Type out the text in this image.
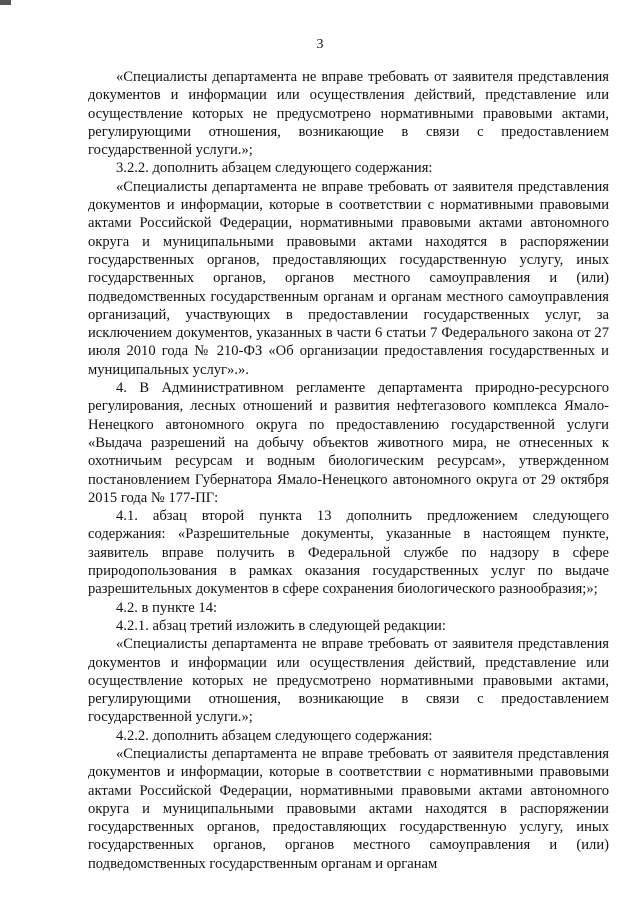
3

«Специалисты департамента не вправе требовать от заявителя представления документов и информации или осуществления действий, представление или осуществление которых не предусмотрено нормативными правовыми актами, регулирующими отношения, возникающие в связи с предоставлением государственной услуги.»;

3.2.2. дополнить абзацем следующего содержания:

«Специалисты департамента не вправе требовать от заявителя представления документов и информации, которые в соответствии с нормативными правовыми актами Российской Федерации, нормативными правовыми актами автономного округа и муниципальными правовыми актами находятся в распоряжении государственных органов, предоставляющих государственную услугу, иных государственных органов, органов местного самоуправления и (или) подведомственных государственным органам и органам местного самоуправления организаций, участвующих в предоставлении государственных услуг, за исключением документов, указанных в части 6 статьи 7 Федерального закона от 27 июля 2010 года № 210-ФЗ «Об организации предоставления государственных и муниципальных услуг».».

4. В Административном регламенте департамента природно-ресурсного регулирования, лесных отношений и развития нефтегазового комплекса Ямало-Ненецкого автономного округа по предоставлению государственной услуги «Выдача разрешений на добычу объектов животного мира, не отнесенных к охотничьим ресурсам и водным биологическим ресурсам», утвержденном постановлением Губернатора Ямало-Ненецкого автономного округа от 29 октября 2015 года № 177-ПГ:

4.1. абзац второй пункта 13 дополнить предложением следующего содержания: «Разрешительные документы, указанные в настоящем пункте, заявитель вправе получить в Федеральной службе по надзору в сфере природопользования в рамках оказания государственных услуг по выдаче разрешительных документов в сфере сохранения биологического разнообразия;»;

4.2. в пункте 14:

4.2.1. абзац третий изложить в следующей редакции:

«Специалисты департамента не вправе требовать от заявителя представления документов и информации или осуществления действий, представление или осуществление которых не предусмотрено нормативными правовыми актами, регулирующими отношения, возникающие в связи с предоставлением государственной услуги.»;

4.2.2. дополнить абзацем следующего содержания:

«Специалисты департамента не вправе требовать от заявителя представления документов и информации, которые в соответствии с нормативными правовыми актами Российской Федерации, нормативными правовыми актами автономного округа и муниципальными правовыми актами находятся в распоряжении государственных органов, предоставляющих государственную услугу, иных государственных органов, органов местного самоуправления и (или) подведомственных государственным органам и органам
